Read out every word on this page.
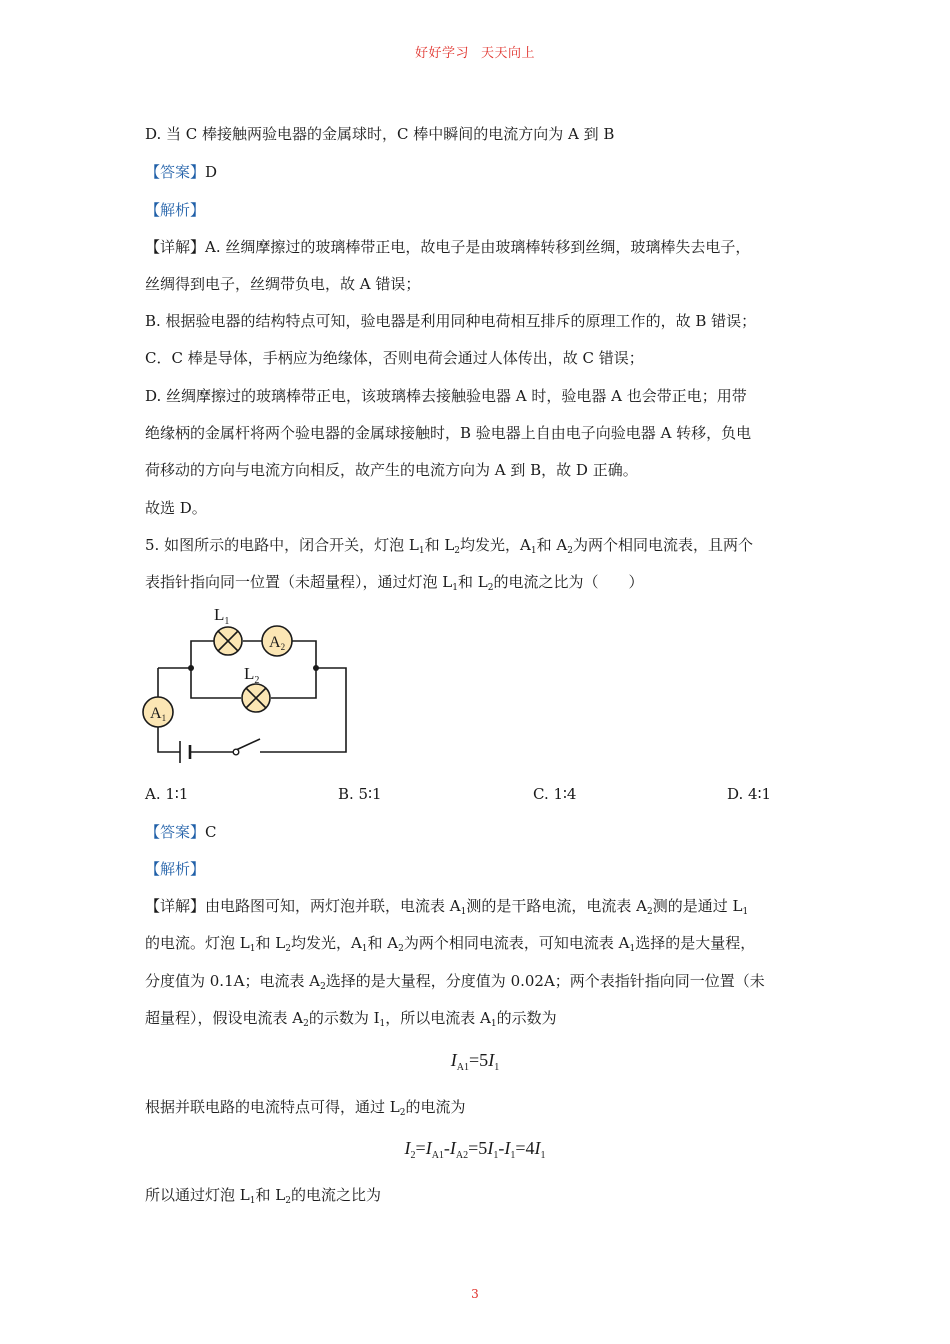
好好学习 天天向上
D. 当 C 棒接触两验电器的金属球时，C 棒中瞬间的电流方向为 A 到 B
【答案】D
【解析】
【详解】A. 丝绸摩擦过的玻璃棒带正电，故电子是由玻璃棒转移到丝绸，玻璃棒失去电子，
丝绸得到电子，丝绸带负电，故 A 错误；
B. 根据验电器的结构特点可知，验电器是利用同种电荷相互排斥的原理工作的，故 B 错误；
C．C 棒是导体，手柄应为绝缘体，否则电荷会通过人体传出，故 C 错误；
D. 丝绸摩擦过的玻璃棒带正电，该玻璃棒去接触验电器 A 时，验电器 A 也会带正电；用带
绝缘柄的金属杆将两个验电器的金属球接触时，B 验电器上自由电子向验电器 A 转移，负电
荷移动的方向与电流方向相反，故产生的电流方向为 A 到 B，故 D 正确。
故选 D。
5. 如图所示的电路中，闭合开关，灯泡 $L_1$和 $L_2$均发光，$A_1$和 $A_2$为两个相同电流表，且两个
表指针指向同一位置（未超量程），通过灯泡 $L_1$和 $L_2$的电流之比为（　　）
$L_1$
A2
$L_2$
A1
A. 1∶1	B. 5∶1	C. 1∶4	D. 4∶1
【答案】C
【解析】
【详解】由电路图可知，两灯泡并联，电流表 $A_1$测的是干路电流，电流表 $A_2$测的是通过 $L_1$
的电流。灯泡 $L_1$和 $L_2$均发光，$A_1$和 $A_2$为两个相同电流表，可知电流表 $A_1$选择的是大量程，
分度值为 0.1A；电流表 $A_2$选择的是大量程，分度值为 0.02A；两个表指针指向同一位置（未
超量程），假设电流表 $A_2$的示数为 $I_1$，所以电流表 $A_1$的示数为
$I_{A1}=5I_1$
根据并联电路的电流特点可得，通过 $L_2$的电流为
$I_2=I_{A1}-I_{A2}=5I_1-I_1=4I_1$
所以通过灯泡 $L_1$和 $L_2$的电流之比为
3
